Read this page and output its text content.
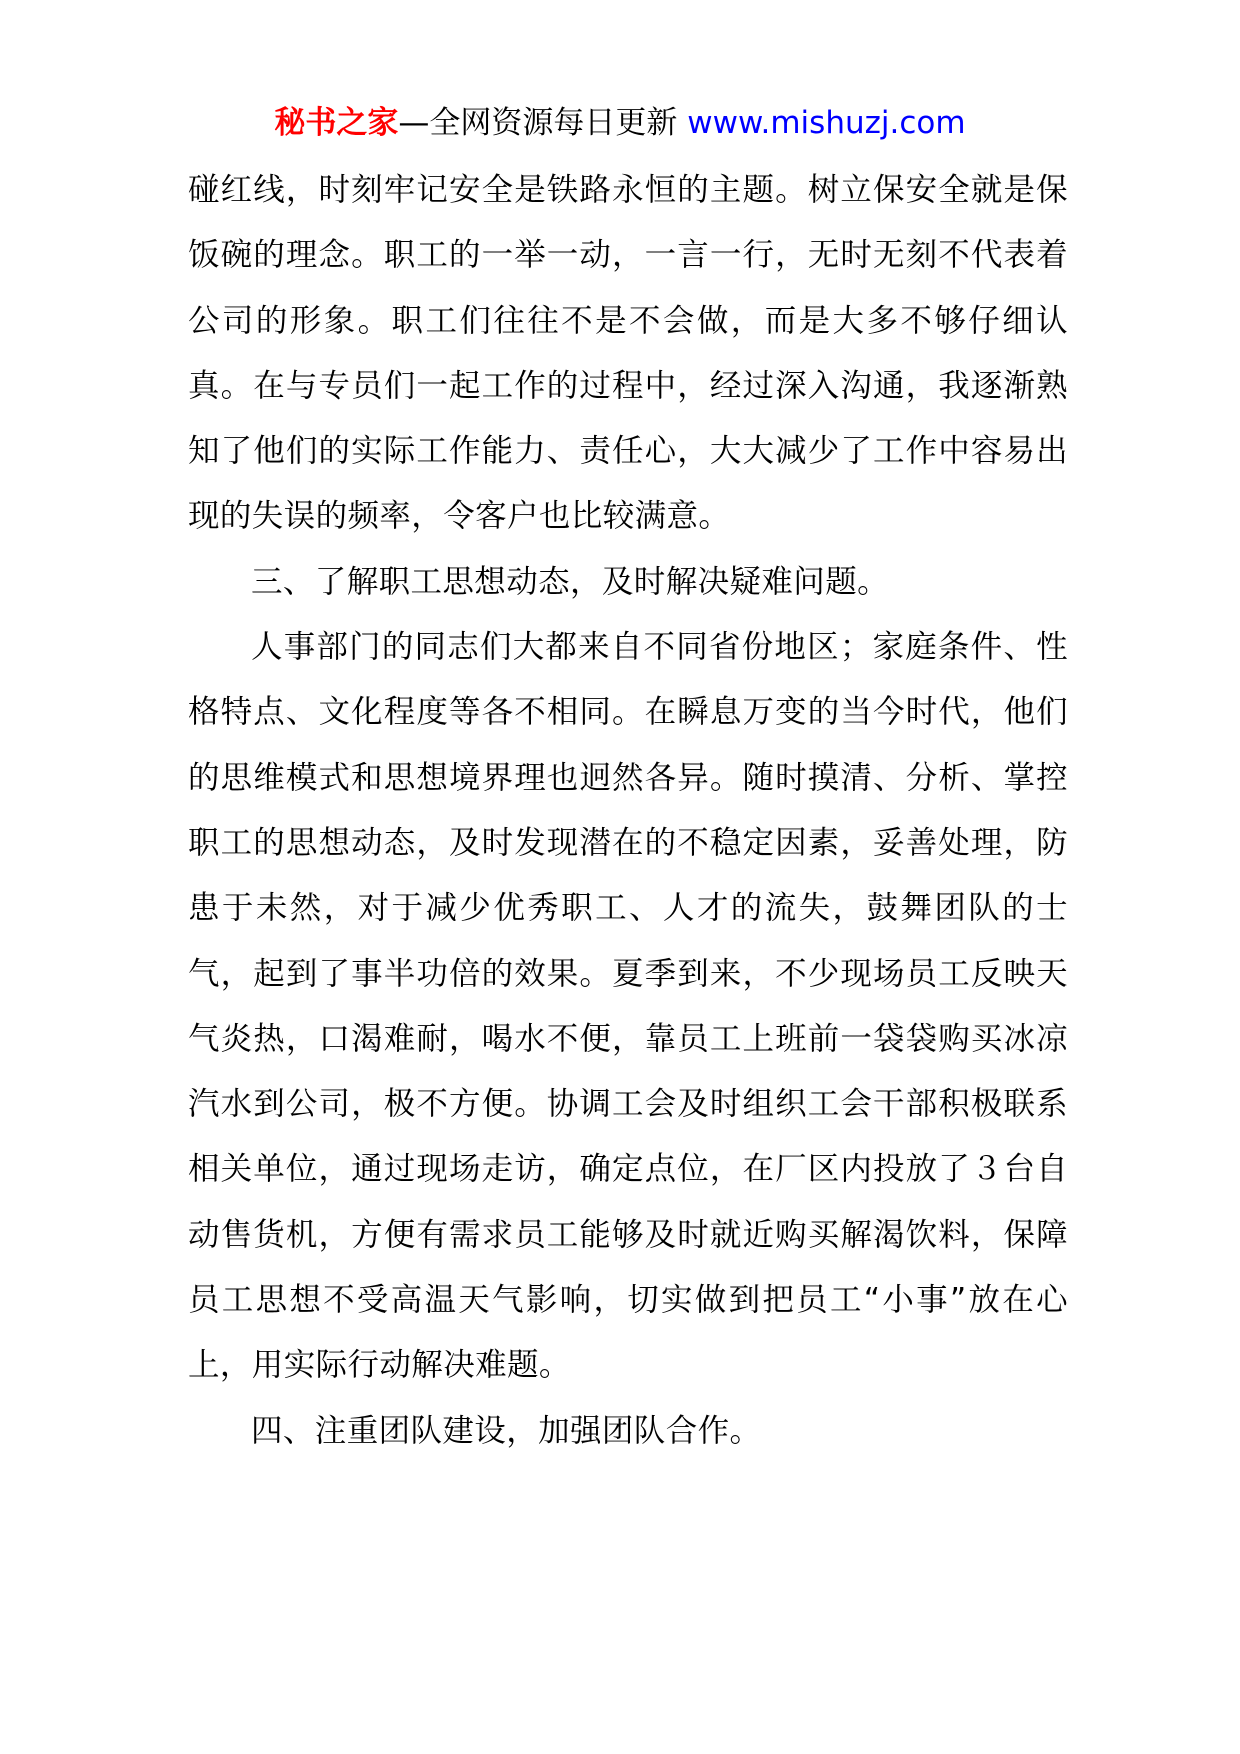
秘书之家—全网资源每日更新 www.mishuzj.com

碰红线，时刻牢记安全是铁路永恒的主题。树立保安全就是保饭碗的理念。职工的一举一动，一言一行，无时无刻不代表着公司的形象。职工们往往不是不会做，而是大多不够仔细认真。在与专员们一起工作的过程中，经过深入沟通，我逐渐熟知了他们的实际工作能力、责任心，大大减少了工作中容易出现的失误的频率，令客户也比较满意。

三、了解职工思想动态，及时解决疑难问题。

人事部门的同志们大都来自不同省份地区；家庭条件、性格特点、文化程度等各不相同。在瞬息万变的当今时代，他们的思维模式和思想境界理也迥然各异。随时摸清、分析、掌控职工的思想动态，及时发现潜在的不稳定因素，妥善处理，防患于未然，对于减少优秀职工、人才的流失，鼓舞团队的士气，起到了事半功倍的效果。夏季到来，不少现场员工反映天气炎热，口渴难耐，喝水不便，靠员工上班前一袋袋购买冰凉汽水到公司，极不方便。协调工会及时组织工会干部积极联系相关单位，通过现场走访，确定点位，在厂区内投放了３台自动售货机，方便有需求员工能够及时就近购买解渴饮料，保障员工思想不受高温天气影响，切实做到把员工“小事”放在心上，用实际行动解决难题。

四、注重团队建设，加强团队合作。
